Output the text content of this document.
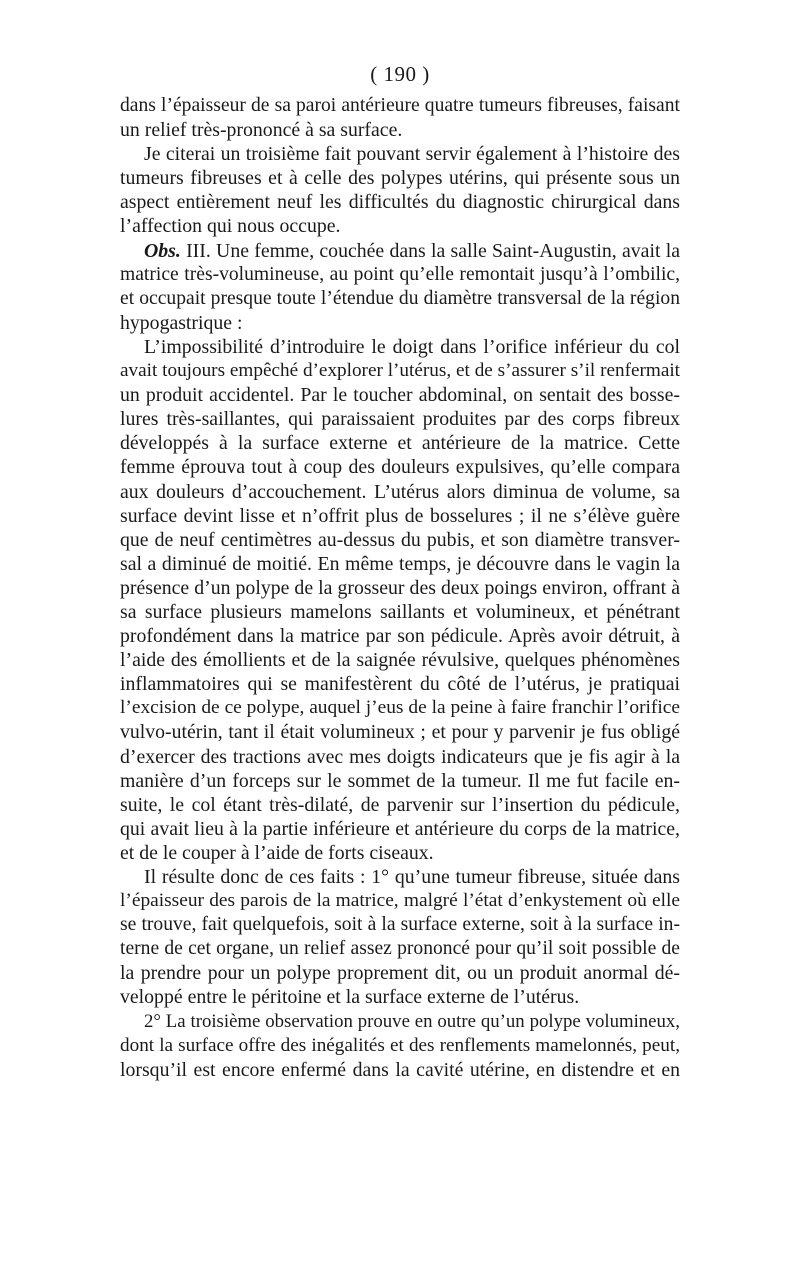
( 190 )
dans l’épaisseur de sa paroi antérieure quatre tumeurs fibreuses, faisant
un relief très-prononcé à sa surface.
Je citerai un troisième fait pouvant servir également à l’histoire des
tumeurs fibreuses et à celle des polypes utérins, qui présente sous un
aspect entièrement neuf les difficultés du diagnostic chirurgical dans
l’affection qui nous occupe.
Obs. III. Une femme, couchée dans la salle Saint-Augustin, avait la
matrice très-volumineuse, au point qu’elle remontait jusqu’à l’ombilic,
et occupait presque toute l’étendue du diamètre transversal de la région
hypogastrique :
L’impossibilité d’introduire le doigt dans l’orifice inférieur du col
avait toujours empêché d’explorer l’utérus, et de s’assurer s’il renfermait
un produit accidentel. Par le toucher abdominal, on sentait des bosse-
lures très-saillantes, qui paraissaient produites par des corps fibreux
développés à la surface externe et antérieure de la matrice. Cette
femme éprouva tout à coup des douleurs expulsives, qu’elle compara
aux douleurs d’accouchement. L’utérus alors diminua de volume, sa
surface devint lisse et n’offrit plus de bosselures ; il ne s’élève guère
que de neuf centimètres au-dessus du pubis, et son diamètre transver-
sal a diminué de moitié. En même temps, je découvre dans le vagin la
présence d’un polype de la grosseur des deux poings environ, offrant à
sa surface plusieurs mamelons saillants et volumineux, et pénétrant
profondément dans la matrice par son pédicule. Après avoir détruit, à
l’aide des émollients et de la saignée révulsive, quelques phénomènes
inflammatoires qui se manifestèrent du côté de l’utérus, je pratiquai
l’excision de ce polype, auquel j’eus de la peine à faire franchir l’orifice
vulvo-utérin, tant il était volumineux ; et pour y parvenir je fus obligé
d’exercer des tractions avec mes doigts indicateurs que je fis agir à la
manière d’un forceps sur le sommet de la tumeur. Il me fut facile en-
suite, le col étant très-dilaté, de parvenir sur l’insertion du pédicule,
qui avait lieu à la partie inférieure et antérieure du corps de la matrice,
et de le couper à l’aide de forts ciseaux.
Il résulte donc de ces faits : 1° qu’une tumeur fibreuse, située dans
l’épaisseur des parois de la matrice, malgré l’état d’enkystement où elle
se trouve, fait quelquefois, soit à la surface externe, soit à la surface in-
terne de cet organe, un relief assez prononcé pour qu’il soit possible de
la prendre pour un polype proprement dit, ou un produit anormal dé-
veloppé entre le péritoine et la surface externe de l’utérus.
2° La troisième observation prouve en outre qu’un polype volumineux,
dont la surface offre des inégalités et des renflements mamelonnés, peut,
lorsqu’il est encore enfermé dans la cavité utérine, en distendre et en
